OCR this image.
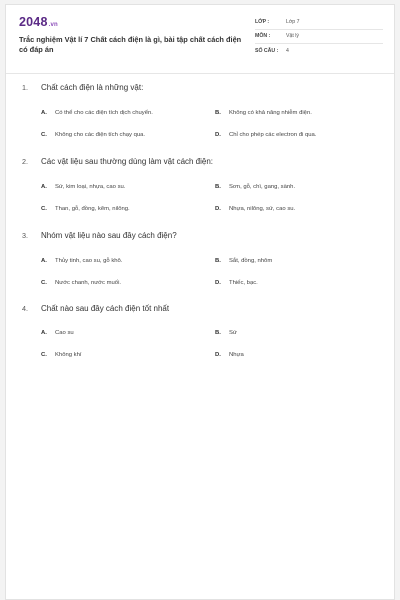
2048.vn
Trắc nghiệm Vật lí 7 Chất cách điện là gì, bài tập chất cách điện có đáp án
LỚP :	Lớp 7
MÔN :	Vật lý
SỐ CÂU : 4
1. Chất cách điện là những vật:
A. Có thể cho các điện tích dịch chuyển.	B. Không có khả năng nhiễm điện.
C. Không cho các điện tích chạy qua.	D. Chỉ cho phép các electron đi qua.
2. Các vật liệu sau thường dùng làm vật cách điện:
A. Sứ, kim loại, nhựa, cao su.	B. Sơn, gỗ, chì, gang, sành.
C. Than, gỗ, đồng, kẽm, nilông.	D. Nhựa, nilông, sứ, cao su.
3. Nhóm vật liệu nào sau đây cách điện?
A. Thủy tinh, cao su, gỗ khô.	B. Sắt, đồng, nhôm
C. Nước chanh, nước muối.	D. Thiếc, bạc.
4. Chất nào sau đây cách điện tốt nhất
A. Cao su	B. Sứ
C. Không khí	D. Nhựa
